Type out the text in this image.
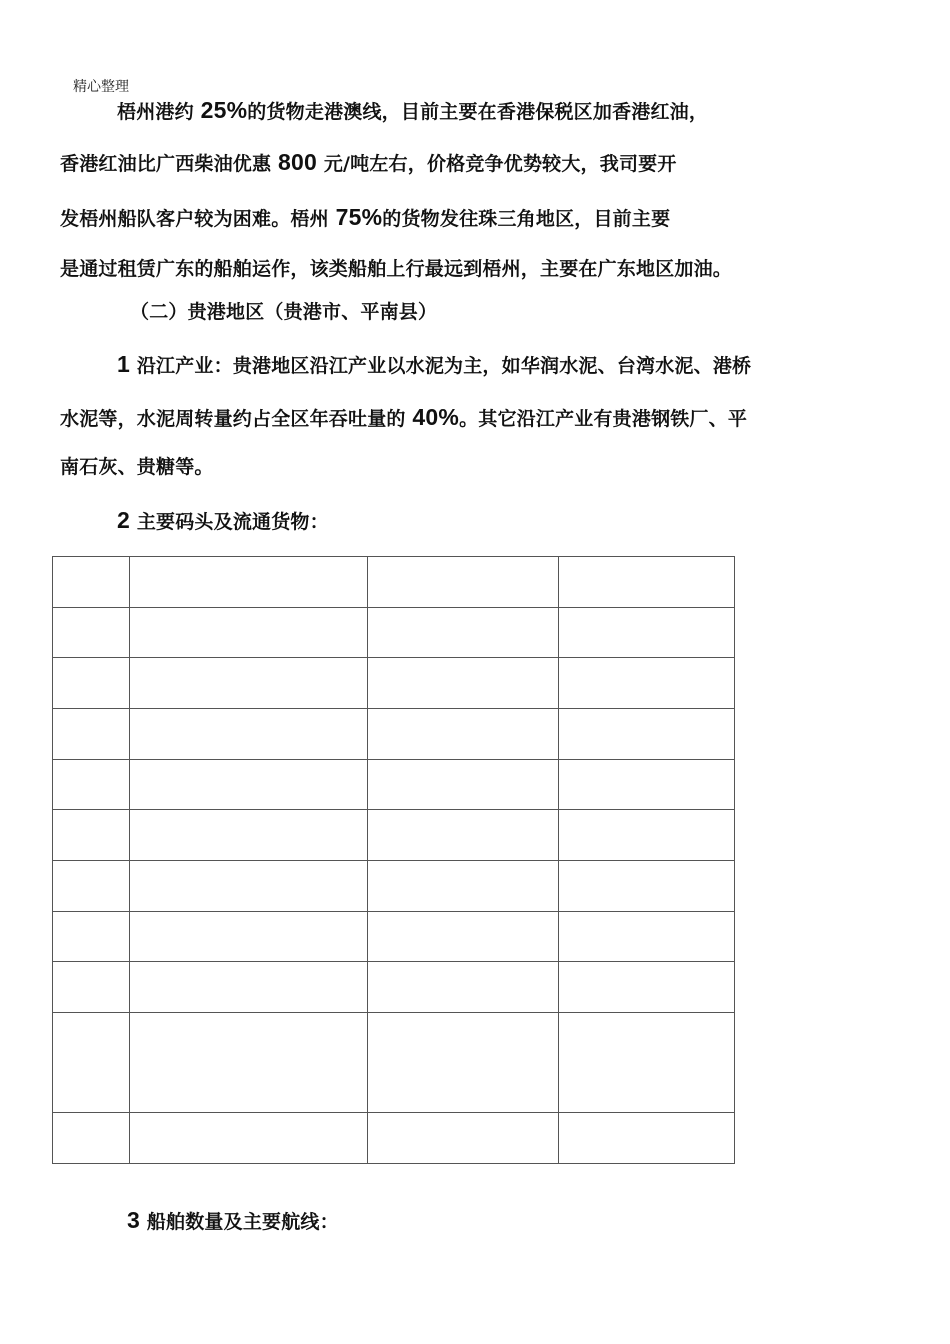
精心整理
梧州港约 25%的货物走港澳线，目前主要在香港保税区加香港红油，
香港红油比广西柴油优惠 800 元/吨左右，价格竞争优势较大，我司要开
发梧州船队客户较为困难。梧州 75%的货物发往珠三角地区，目前主要
是通过租赁广东的船舶运作，该类船舶上行最远到梧州，主要在广东地区加油。
（二）贵港地区（贵港市、平南县）
1 沿江产业：贵港地区沿江产业以水泥为主，如华润水泥、台湾水泥、港桥
水泥等，水泥周转量约占全区年吞吐量的 40%。其它沿江产业有贵港钢铁厂、平
南石灰、贵糖等。
2 主要码头及流通货物：

3 船舶数量及主要航线：
